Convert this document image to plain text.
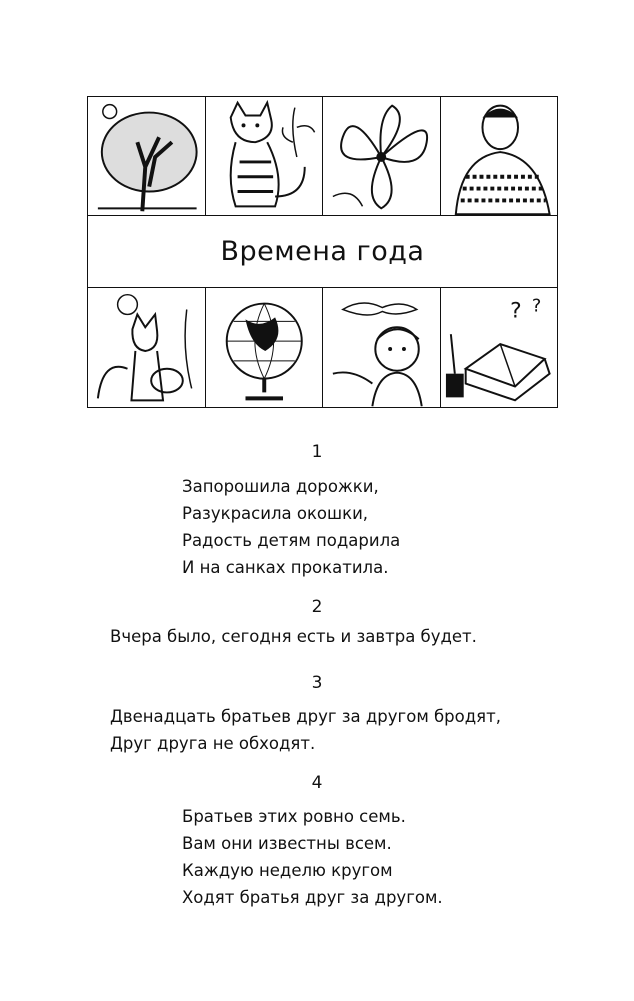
Времена года
? ?
1
Запорошила дорожки,
Разукрасила окошки,
Радость детям подарила
И на санках прокатила.
2
Вчера было, сегодня есть и завтра будет.
3
Двенадцать братьев друг за другом бродят,
Друг друга не обходят.
4
Братьев этих ровно семь.
Вам они известны всем.
Каждую неделю кругом
Ходят братья друг за другом.
